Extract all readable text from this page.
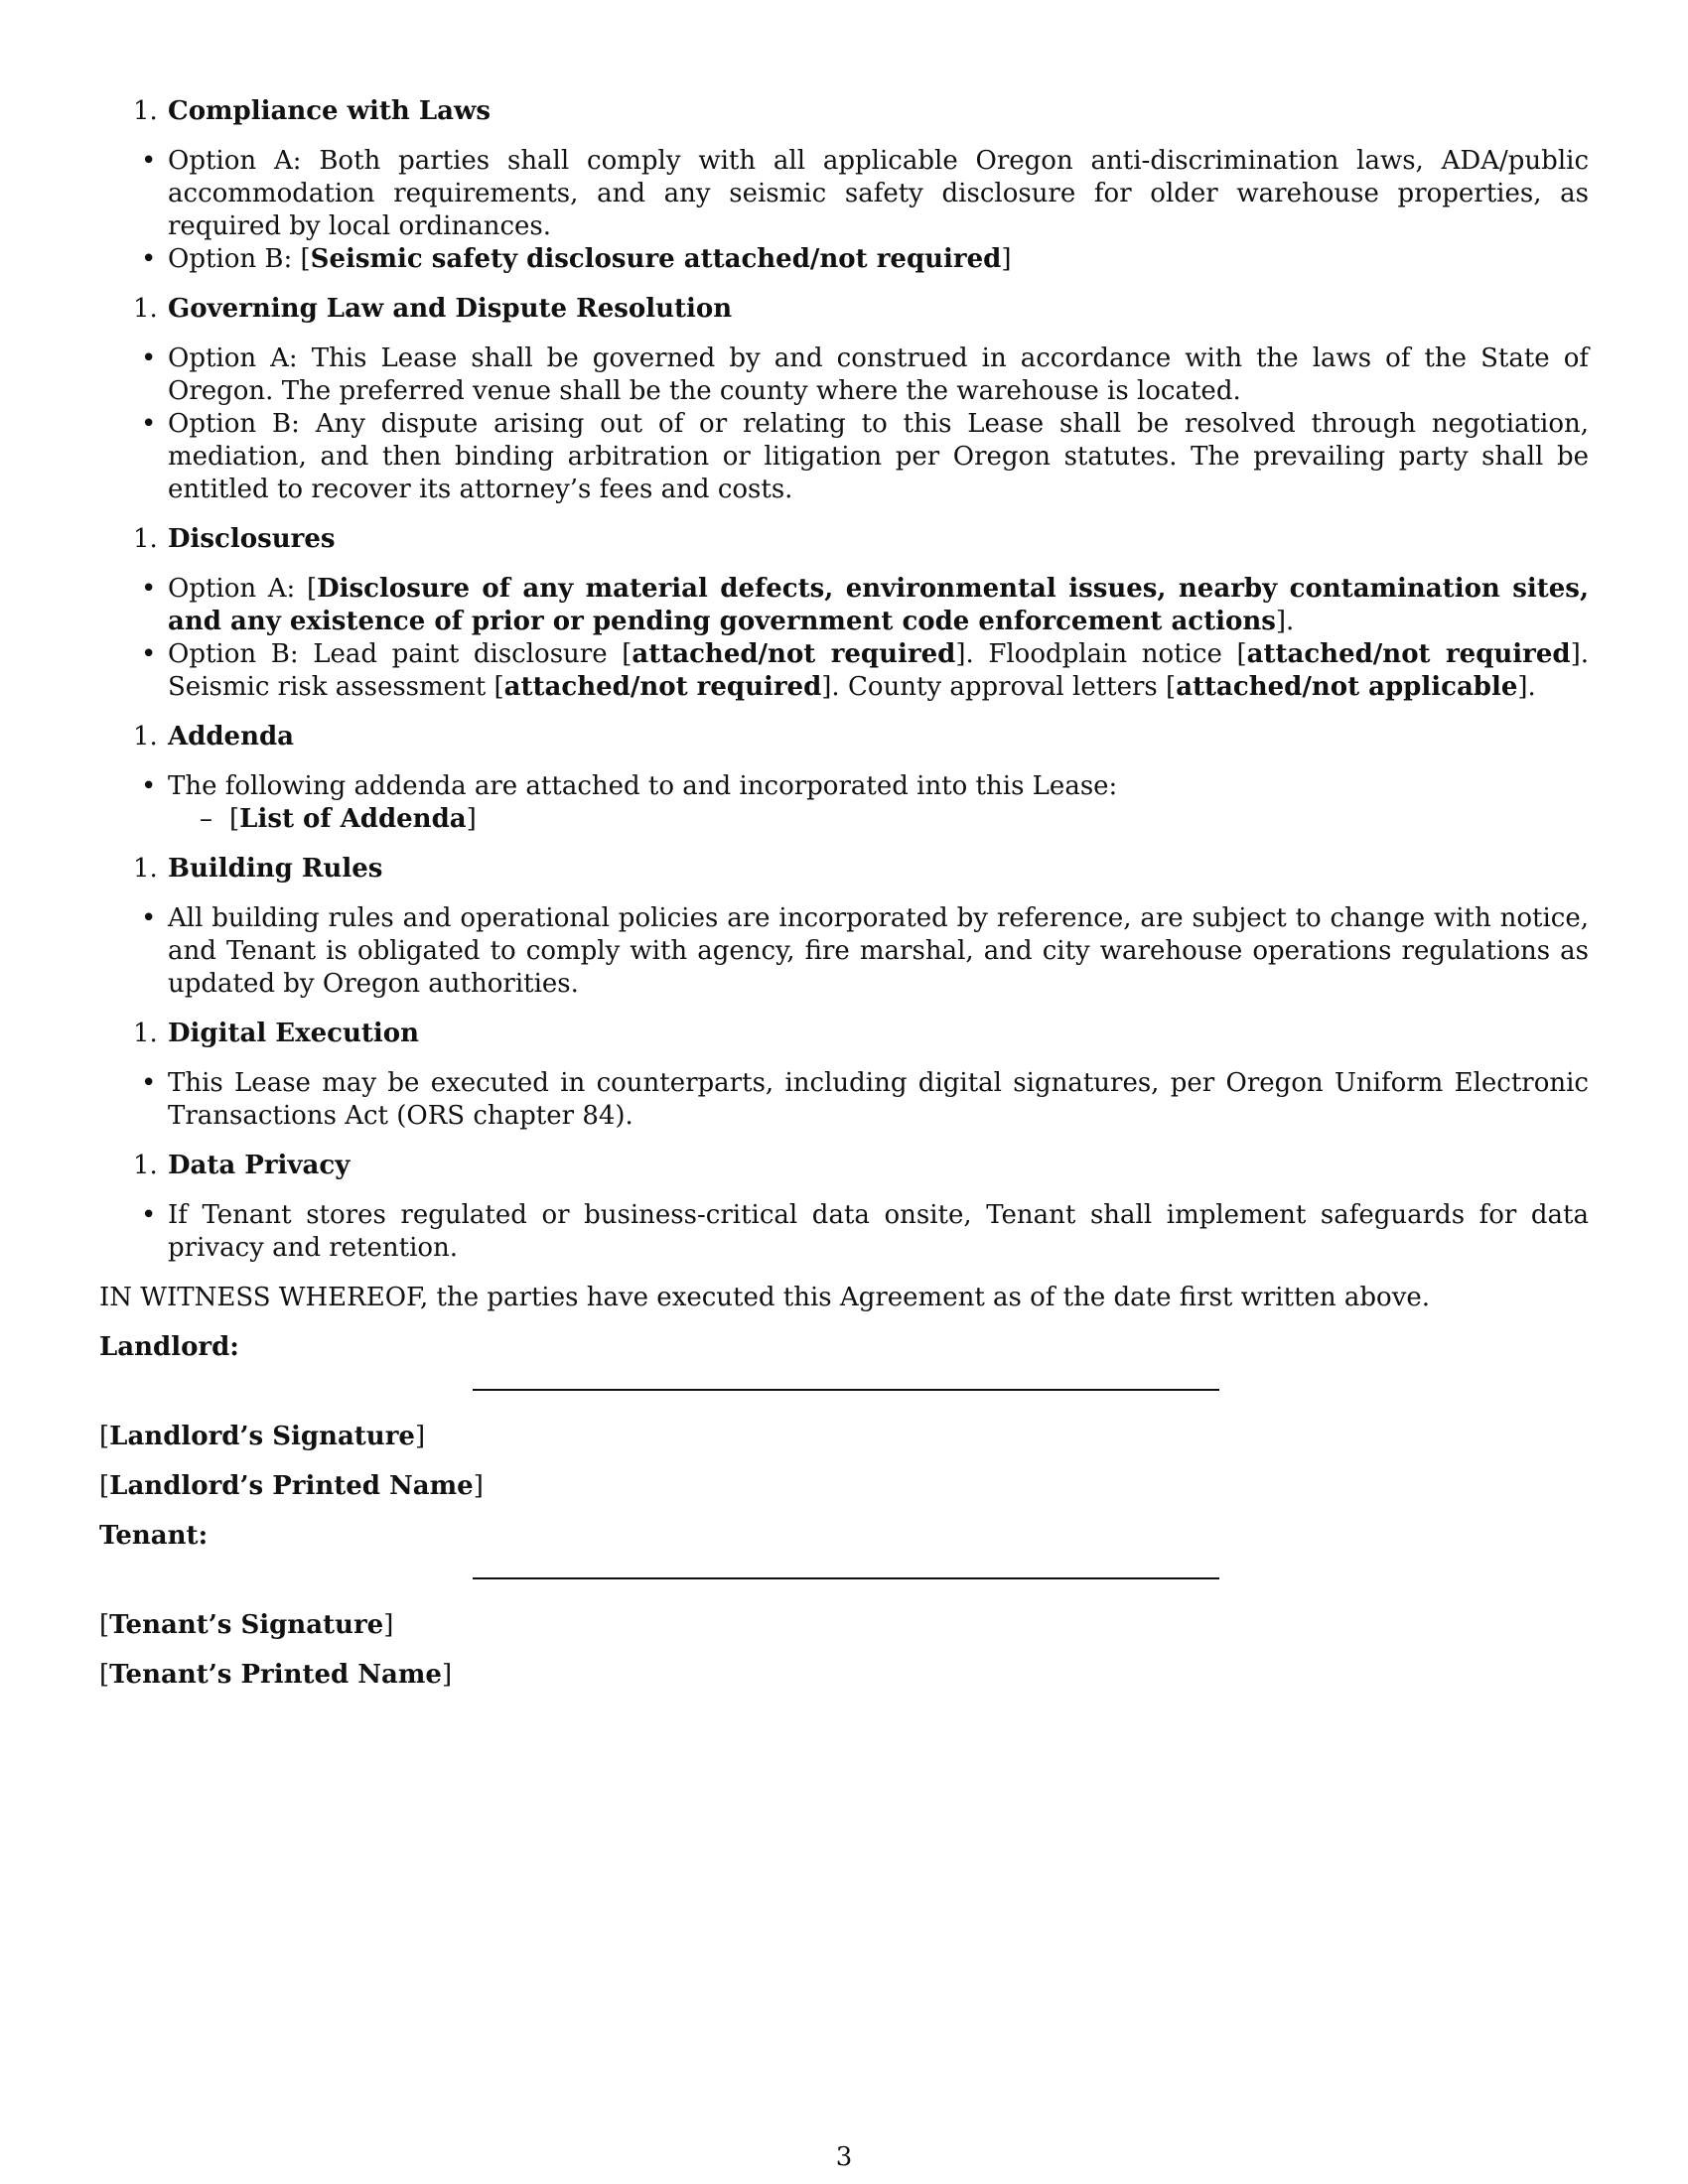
1. Compliance with Laws
• Option A: Both parties shall comply with all applicable Oregon anti-discrimination laws, ADA/public accommodation requirements, and any seismic safety disclosure for older warehouse properties, as required by local ordinances.
• Option B: [Seismic safety disclosure attached/not required]
1. Governing Law and Dispute Resolution
• Option A: This Lease shall be governed by and construed in accordance with the laws of the State of Oregon. The preferred venue shall be the county where the warehouse is located.
• Option B: Any dispute arising out of or relating to this Lease shall be resolved through negotiation, mediation, and then binding arbitration or litigation per Oregon statutes. The prevailing party shall be entitled to recover its attorney’s fees and costs.
1. Disclosures
• Option A: [Disclosure of any material defects, environmental issues, nearby contamination sites, and any existence of prior or pending government code enforcement actions].
• Option B: Lead paint disclosure [attached/not required]. Floodplain notice [attached/not required]. Seismic risk assessment [attached/not required]. County approval letters [attached/not applicable].
1. Addenda
• The following addenda are attached to and incorporated into this Lease:
– [List of Addenda]
1. Building Rules
• All building rules and operational policies are incorporated by reference, are subject to change with notice, and Tenant is obligated to comply with agency, fire marshal, and city warehouse operations regulations as updated by Oregon authorities.
1. Digital Execution
• This Lease may be executed in counterparts, including digital signatures, per Oregon Uniform Electronic Transactions Act (ORS chapter 84).
1. Data Privacy
• If Tenant stores regulated or business-critical data onsite, Tenant shall implement safeguards for data privacy and retention.
IN WITNESS WHEREOF, the parties have executed this Agreement as of the date first written above.
Landlord:
[Landlord’s Signature]
[Landlord’s Printed Name]
Tenant:
[Tenant’s Signature]
[Tenant’s Printed Name]
3
